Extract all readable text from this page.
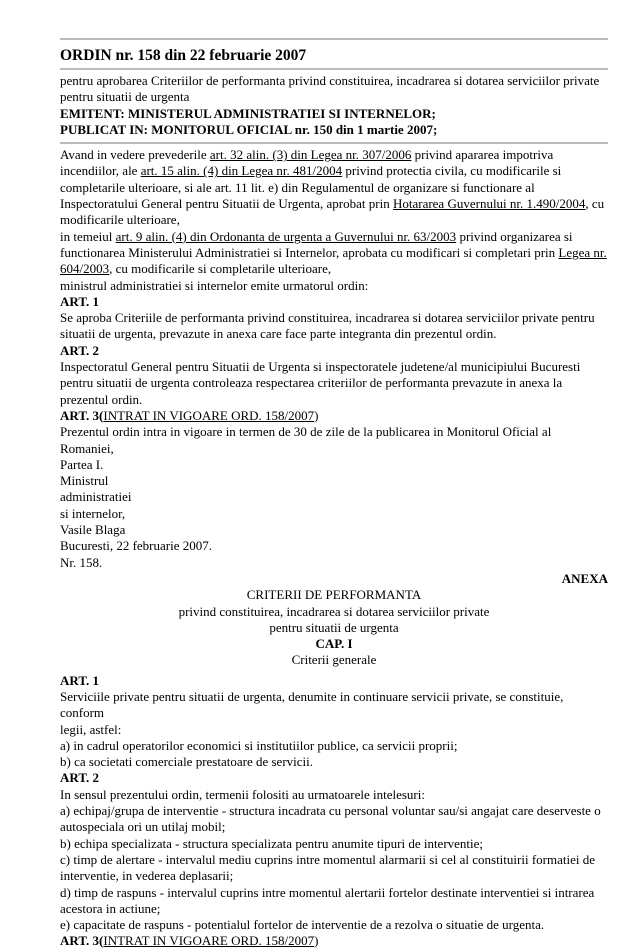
ORDIN nr. 158 din 22 februarie 2007
pentru aprobarea Criteriilor de performanta privind constituirea, incadrarea si dotarea serviciilor private
pentru situatii de urgenta
EMITENT: MINISTERUL ADMINISTRATIEI SI INTERNELOR;
PUBLICAT IN: MONITORUL OFICIAL nr. 150 din 1 martie 2007;
Avand in vedere prevederile art. 32 alin. (3) din Legea nr. 307/2006 privind apararea impotriva
incendiilor, ale art. 15 alin. (4) din Legea nr. 481/2004 privind protectia civila, cu modificarile si
completarile ulterioare, si ale art. 11 lit. e) din Regulamentul de organizare si functionare al
Inspectoratului General pentru Situatii de Urgenta, aprobat prin Hotararea Guvernului nr. 1.490/2004, cu
modificarile ulterioare,
in temeiul art. 9 alin. (4) din Ordonanta de urgenta a Guvernului nr. 63/2003 privind organizarea si
functionarea Ministerului Administratiei si Internelor, aprobata cu modificari si completari prin Legea nr.
604/2003, cu modificarile si completarile ulterioare,
ministrul administratiei si internelor emite urmatorul ordin:
ART. 1
Se aproba Criteriile de performanta privind constituirea, incadrarea si dotarea serviciilor private pentru
situatii de urgenta, prevazute in anexa care face parte integranta din prezentul ordin.
ART. 2
Inspectoratul General pentru Situatii de Urgenta si inspectoratele judetene/al municipiului Bucuresti
pentru situatii de urgenta controleaza respectarea criteriilor de performanta prevazute in anexa la
prezentul ordin.
ART. 3(INTRAT IN VIGOARE ORD. 158/2007)
Prezentul ordin intra in vigoare in termen de 30 de zile de la publicarea in Monitorul Oficial al Romaniei,
Partea I.
Ministrul
administratiei
si internelor,
Vasile Blaga
Bucuresti, 22 februarie 2007.
Nr. 158.
ANEXA
CRITERII DE PERFORMANTA
privind constituirea, incadrarea si dotarea serviciilor private
pentru situatii de urgenta
CAP. I
Criterii generale
ART. 1
Serviciile private pentru situatii de urgenta, denumite in continuare servicii private, se constituie, conform
legii, astfel:
a) in cadrul operatorilor economici si institutiilor publice, ca servicii proprii;
b) ca societati comerciale prestatoare de servicii.
ART. 2
In sensul prezentului ordin, termenii folositi au urmatoarele intelesuri:
a) echipaj/grupa de interventie - structura incadrata cu personal voluntar sau/si angajat care deserveste o
autospeciala ori un utilaj mobil;
b) echipa specializata - structura specializata pentru anumite tipuri de interventie;
c) timp de alertare - intervalul mediu cuprins intre momentul alarmarii si cel al constituirii formatiei de
interventie, in vederea deplasarii;
d) timp de raspuns - intervalul cuprins intre momentul alertarii fortelor destinate interventiei si intrarea
acestora in actiune;
e) capacitate de raspuns - potentialul fortelor de interventie de a rezolva o situatie de urgenta.
ART. 3(INTRAT IN VIGOARE ORD. 158/2007)
